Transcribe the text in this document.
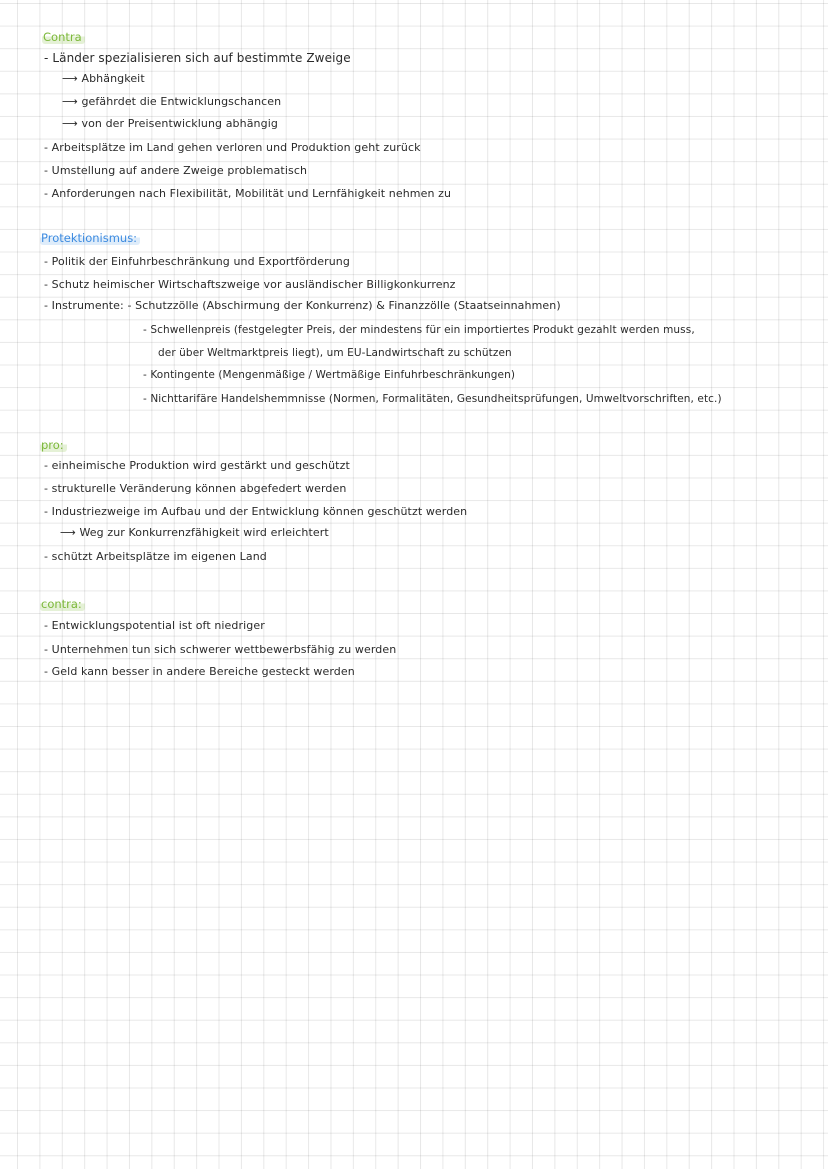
Contra
- Länder spezialisieren sich auf bestimmte Zweige
⟶ Abhängkeit
⟶ gefährdet die Entwicklungschancen
⟶ von der Preisentwicklung abhängig
- Arbeitsplätze im Land gehen verloren und Produktion geht zurück
- Umstellung auf andere Zweige problematisch
- Anforderungen nach Flexibilität, Mobilität und Lernfähigkeit nehmen zu
Protektionismus:
- Politik der Einfuhrbeschränkung und Exportförderung
- Schutz heimischer Wirtschaftszweige vor ausländischer Billigkonkurrenz
- Instrumente: - Schutzzölle (Abschirmung der Konkurrenz) & Finanzzölle (Staatseinnahmen)
- Schwellenpreis (festgelegter Preis, der mindestens für ein importiertes Produkt gezahlt werden muss,
der über Weltmarktpreis liegt), um EU-Landwirtschaft zu schützen
- Kontingente (Mengenmäßige / Wertmäßige Einfuhrbeschränkungen)
- Nichttarifäre Handelshemmnisse (Normen, Formalitäten, Gesundheitsprüfungen, Umweltvorschriften, etc.)
pro:
- einheimische Produktion wird gestärkt und geschützt
- strukturelle Veränderung können abgefedert werden
- Industriezweige im Aufbau und der Entwicklung können geschützt werden
⟶ Weg zur Konkurrenzfähigkeit wird erleichtert
- schützt Arbeitsplätze im eigenen Land
contra:
- Entwicklungspotential ist oft niedriger
- Unternehmen tun sich schwerer wettbewerbsfähig zu werden
- Geld kann besser in andere Bereiche gesteckt werden
